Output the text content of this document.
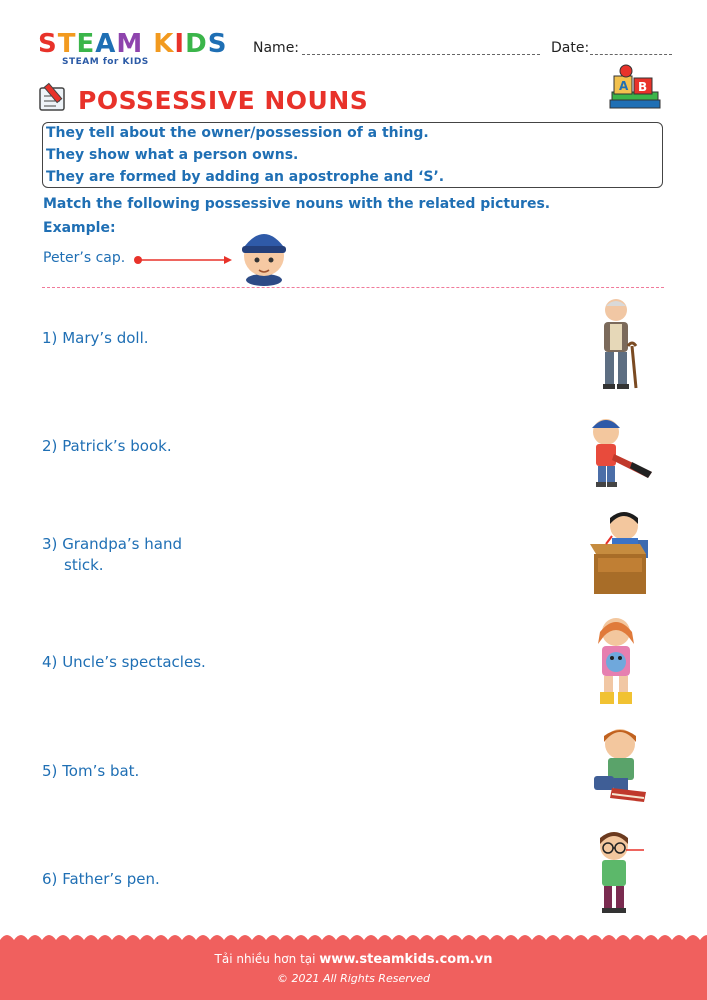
STEAM KIDS
STEAM for KIDS
Name:	Date:
POSSESSIVE NOUNS	A B
They tell about the owner/possession of a thing.
They show what a person owns.
They are formed by adding an apostrophe and ‘S’.
Match the following possessive nouns with the related pictures.
Example:
Peter’s cap.
1) Mary’s doll.
2) Patrick’s book.
3) Grandpa’s hand
stick.
4) Uncle’s spectacles.
5) Tom’s bat.
6) Father’s pen.
Tải nhiều hơn tại www.steamkids.com.vn
© 2021 All Rights Reserved
